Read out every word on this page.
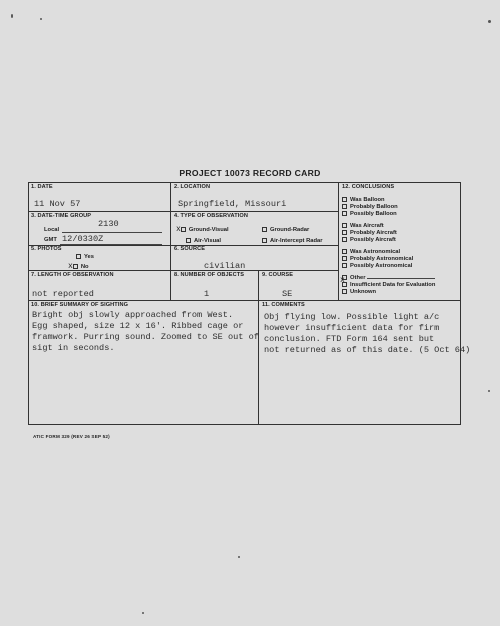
PROJECT 10073 RECORD CARD
1. DATE
11 Nov 57
3. DATE-TIME GROUP
Local
2130
GMT 12/0330Z
5. PHOTOS
Yes
x No
2. LOCATION
Springfield, Missouri
4. TYPE OF OBSERVATION
x Ground-Visual	Ground-Radar
Air-Visual	Air-Intercept Radar
6. SOURCE
civilian
7. LENGTH OF OBSERVATION
not reported
8. NUMBER OF OBJECTS
1
9. COURSE
SE
12. CONCLUSIONS
Was Balloon
Probably Balloon
Possibly Balloon
Was Aircraft
Probably Aircraft
Possibly Aircraft
Was Astronomical
Probably Astronomical
Possibly Astronomical
Other
x Insufficient Data for Evaluation
Unknown
10. BRIEF SUMMARY OF SIGHTING
Bright obj slowly approached from West.
Egg shaped, size 12 x 16'. Ribbed cage or
framwork. Purring sound. Zoomed to SE out of
sigt in seconds.
11. COMMENTS
Obj flying low. Possible light a/c
however insufficient data for firm
conclusion. FTD Form 164 sent but
not returned as of this date. (5 Oct 64)
ATIC FORM 329 (REV 26 SEP 52)
